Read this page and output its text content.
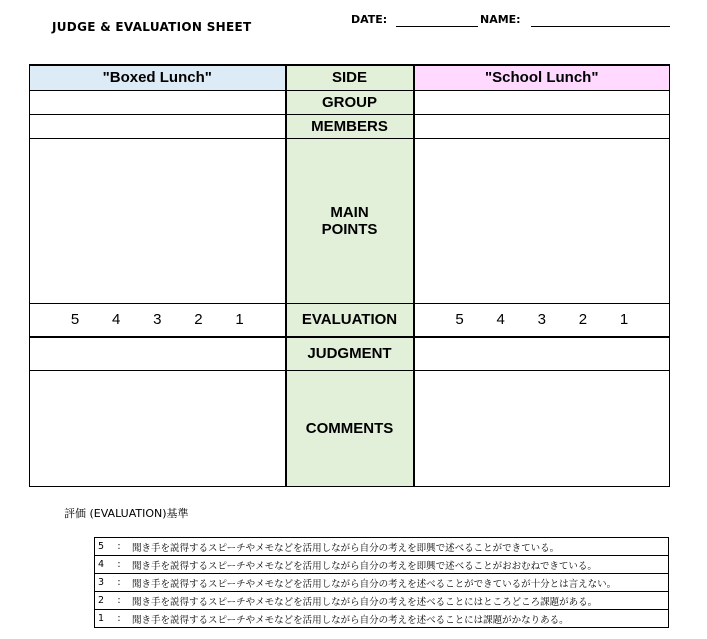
JUDGE & EVALUATION SHEET
DATE:	NAME:
"Boxed Lunch"	SIDE	"School Lunch"
	GROUP	
	MEMBERS	

	MAIN
POINTS	

5 4 3 2 1	EVALUATION	5 4 3 2 1

	JUDGMENT	
	COMMENTS	
評価 (EVALUATION)基準
5	:	聞き手を説得するスピーチやメモなどを活用しながら自分の考えを即興で述べることができている。
4	:	聞き手を説得するスピーチやメモなどを活用しながら自分の考えを即興で述べることがおおむねできている。
3	:	聞き手を説得するスピーチやメモなどを活用しながら自分の考えを述べることができているが十分とは言えない。
2	:	聞き手を説得するスピーチやメモなどを活用しながら自分の考えを述べることにはところどころ課題がある。
1	:	聞き手を説得するスピーチやメモなどを活用しながら自分の考えを述べることには課題がかなりある。
